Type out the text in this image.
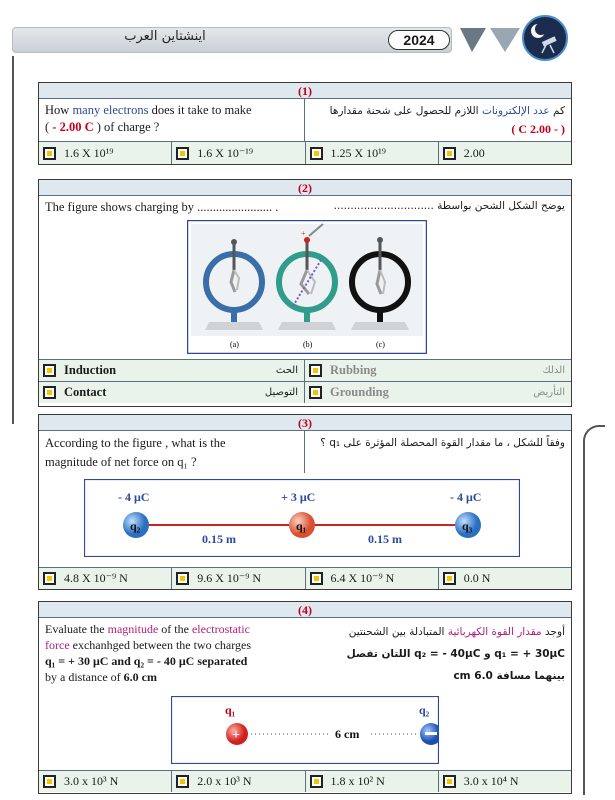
اينشتاين العرب	2024
(1)
How many electrons does it take to make
( - 2.00 C ) of charge ?
كم عدد الإلكترونات اللازم للحصول على شحنة مقدارها
( - 2.00 C )
1.6 X 10¹⁹	1.6 X 10⁻¹⁹	1.25 X 10¹⁹	2.00
(2)
The figure shows charging by ........................ .	يوضح الشكل الشحن بواسطة ..............................
+
(a)	(b)	(c)
Induction	الحث	Rubbing	الدلك
Contact	التوصيل	Grounding	التأريض
(3)
According to the figure , what is the
magnitude of net force on q₁ ?
وفقاً للشكل ، ما مقدار القوة المحصلة المؤثرة على q₁ ؟
- 4 μC	+ 3 μC	- 4 μC
q₂	q₁	q₃
0.15 m	0.15 m
4.8 X 10⁻⁹ N	9.6 X 10⁻⁹ N	6.4 X 10⁻⁹ N	0.0 N
(4)
Evaluate the magnitude of the electrostatic
force exchanhged between the two charges
q₁ = + 30 μC and q₂ = - 40 μC separated
by a distance of 6.0 cm
أوجد مقدار القوة الكهربائية المتبادلة بين الشحنتين
q₁ = + 30μC و q₂ = - 40μC اللتان تفصل
بينهما مسافة 6.0 cm
q₁	q₂
+	6 cm
3.0 x 10³ N	2.0 x 10³ N	1.8 x 10² N	3.0 x 10⁴ N
